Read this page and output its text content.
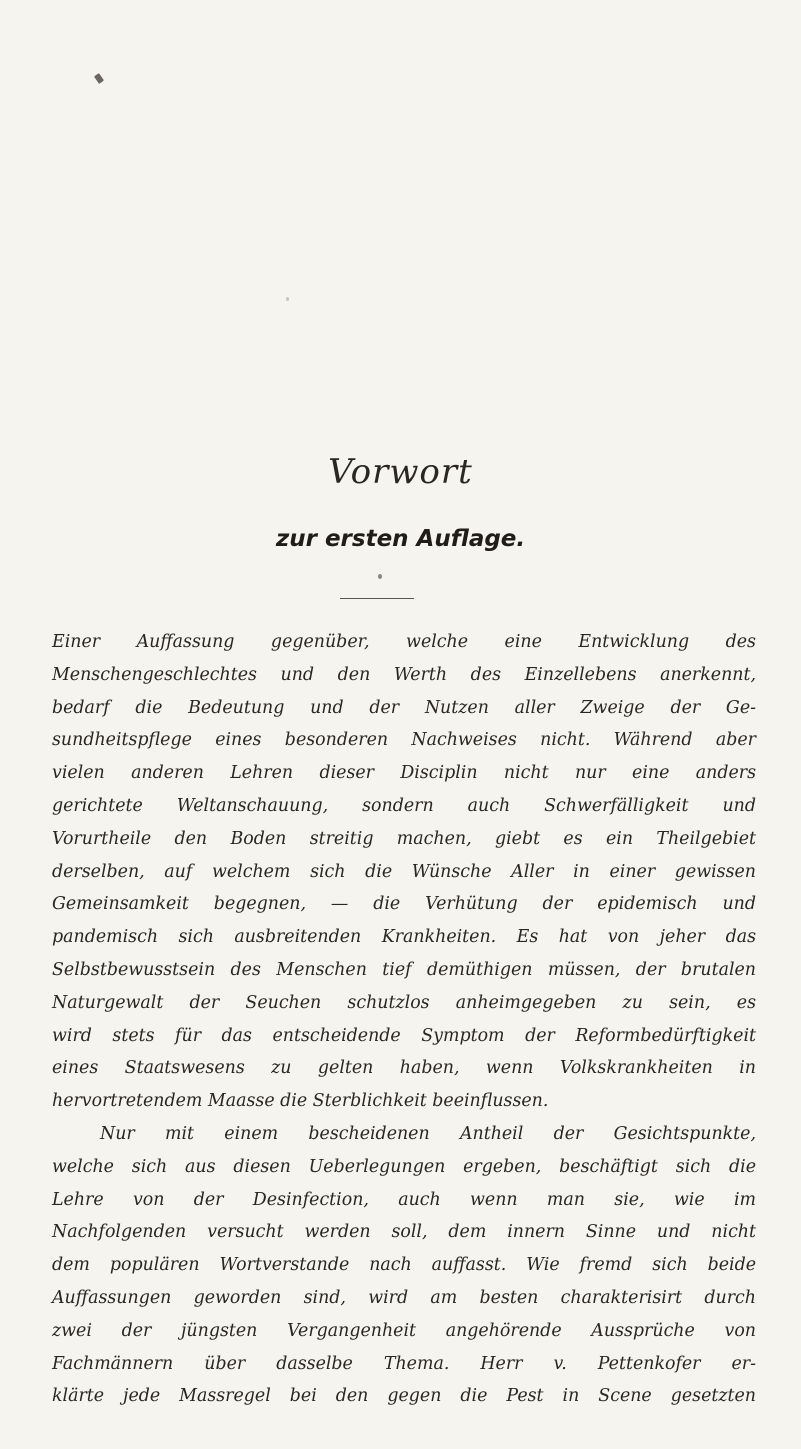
Vorwort
zur ersten Auflage.
Einer Auffassung gegenüber, welche eine Entwicklung des
Menschengeschlechtes und den Werth des Einzellebens anerkennt,
bedarf die Bedeutung und der Nutzen aller Zweige der Ge-
sundheitspflege eines besonderen Nachweises nicht. Während aber
vielen anderen Lehren dieser Disciplin nicht nur eine anders
gerichtete Weltanschauung, sondern auch Schwerfälligkeit und
Vorurtheile den Boden streitig machen, giebt es ein Theilgebiet
derselben, auf welchem sich die Wünsche Aller in einer gewissen
Gemeinsamkeit begegnen, — die Verhütung der epidemisch und
pandemisch sich ausbreitenden Krankheiten. Es hat von jeher das
Selbstbewusstsein des Menschen tief demüthigen müssen, der brutalen
Naturgewalt der Seuchen schutzlos anheimgegeben zu sein, es
wird stets für das entscheidende Symptom der Reformbedürftigkeit
eines Staatswesens zu gelten haben, wenn Volkskrankheiten in
hervortretendem Maasse die Sterblichkeit beeinflussen.
Nur mit einem bescheidenen Antheil der Gesichtspunkte,
welche sich aus diesen Ueberlegungen ergeben, beschäftigt sich die
Lehre von der Desinfection, auch wenn man sie, wie im
Nachfolgenden versucht werden soll, dem innern Sinne und nicht
dem populären Wortverstande nach auffasst. Wie fremd sich beide
Auffassungen geworden sind, wird am besten charakterisirt durch
zwei der jüngsten Vergangenheit angehörende Aussprüche von
Fachmännern über dasselbe Thema. Herr v. Pettenkofer er-
klärte jede Massregel bei den gegen die Pest in Scene gesetzten
